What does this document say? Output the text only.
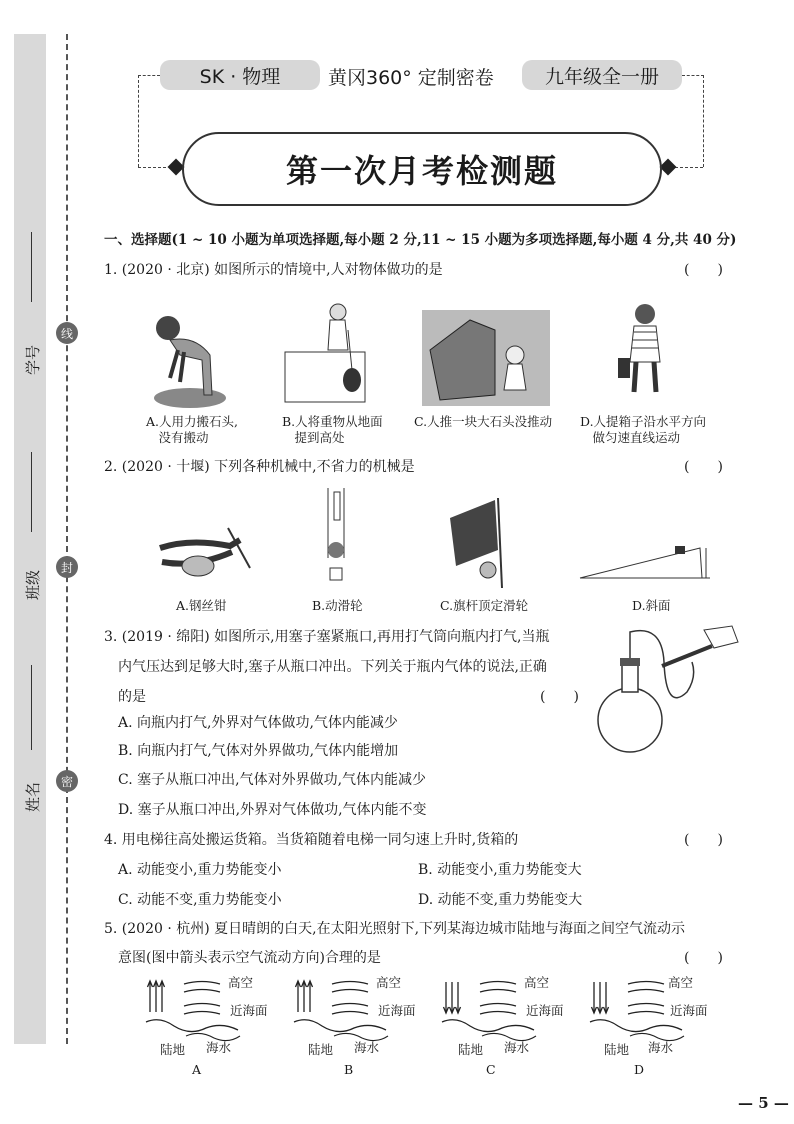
学号
班级
姓名
线
封
密
SK · 物理	黄冈360° 定制密卷	九年级全一册
第一次月考检测题
一、选择题(1 ~ 10 小题为单项选择题,每小题 2 分,11 ~ 15 小题为多项选择题,每小题 4 分,共 40 分)
1. (2020 · 北京) 如图所示的情境中,人对物体做功的是	(　　)
A.人用力搬石头,
　没有搬动
B.人将重物从地面
　提到高处
C.人推一块大石头没推动 D.人提箱子沿水平方向
　做匀速直线运动
2. (2020 · 十堰) 下列各种机械中,不省力的机械是	(　　)
A.钢丝钳	B.动滑轮	C.旗杆顶定滑轮	D.斜面
3. (2019 · 绵阳) 如图所示,用塞子塞紧瓶口,再用打气筒向瓶内打气,当瓶
内气压达到足够大时,塞子从瓶口冲出。下列关于瓶内气体的说法,正确
的是	(　　)
A. 向瓶内打气,外界对气体做功,气体内能减少
B. 向瓶内打气,气体对外界做功,气体内能增加
C. 塞子从瓶口冲出,气体对外界做功,气体内能减少
D. 塞子从瓶口冲出,外界对气体做功,气体内能不变
4. 用电梯往高处搬运货箱。当货箱随着电梯一同匀速上升时,货箱的	(　　)
A. 动能变小,重力势能变小	B. 动能变小,重力势能变大
C. 动能不变,重力势能变小	D. 动能不变,重力势能变大
5. (2020 · 杭州) 夏日晴朗的白天,在太阳光照射下,下列某海边城市陆地与海面之间空气流动示
意图(图中箭头表示空气流动方向)合理的是	(　　)
高空
近海面
陆地 海水
A
高空
近海面
陆地 海水
B
高空
近海面
陆地 海水
C
高空
近海面
陆地 海水
D
— 5 —
